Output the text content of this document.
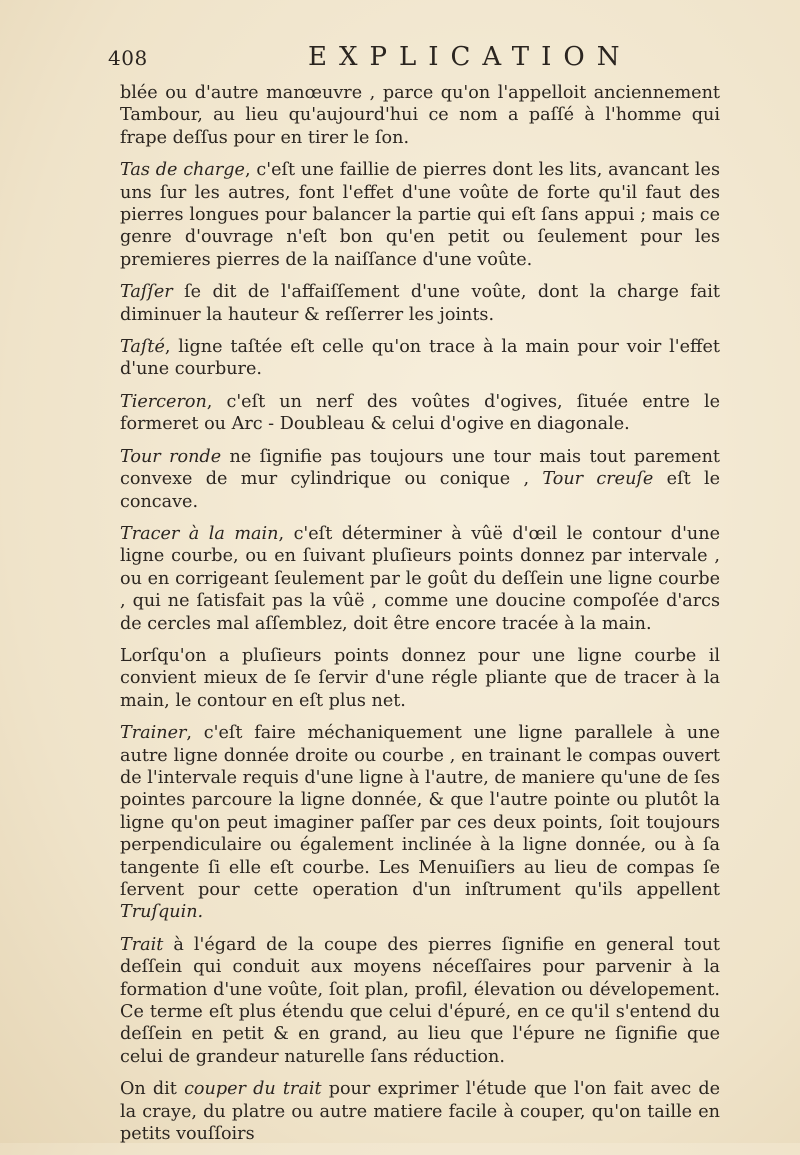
408	EXPLICATION

blée ou d'autre manœuvre , parce qu'on l'appelloit anciennement Tambour, au lieu qu'aujourd'hui ce nom a paſſé à l'homme qui frape deſſus pour en tirer le ſon.

Tas de charge, c'eſt une faillie de pierres dont les lits, avancant les uns ſur les autres, font l'effet d'une voûte de forte qu'il faut des pierres longues pour balancer la partie qui eſt ſans appui ; mais ce genre d'ouvrage n'eſt bon qu'en petit ou ſeulement pour les premieres pierres de la naiſſance d'une voûte.

Taſſer ſe dit de l'affaiſſement d'une voûte, dont la charge fait diminuer la hauteur & reſſerrer les joints.

Taſté, ligne taſtée eſt celle qu'on trace à la main pour voir l'effet d'une courbure.

Tierceron, c'eſt un nerf des voûtes d'ogives, ſituée entre le formeret ou Arc - Doubleau & celui d'ogive en diagonale.

Tour ronde ne ſignifie pas toujours une tour mais tout parement convexe de mur cylindrique ou conique , Tour creuſe eſt le concave.

Tracer à la main, c'eſt déterminer à vûë d'œil le contour d'une ligne courbe, ou en ſuivant pluſieurs points donnez par intervale , ou en corrigeant ſeulement par le goût du deſſein une ligne courbe , qui ne ſatisfait pas la vûë , comme une doucine compoſée d'arcs de cercles mal aſſemblez, doit être encore tracée à la main.

Lorſqu'on a pluſieurs points donnez pour une ligne courbe il convient mieux de ſe ſervir d'une régle pliante que de tracer à la main, le contour en eſt plus net.

Trainer, c'eſt faire méchaniquement une ligne parallele à une autre ligne donnée droite ou courbe , en trainant le compas ouvert de l'intervale requis d'une ligne à l'autre, de maniere qu'une de ſes pointes parcoure la ligne donnée, & que l'autre pointe ou plutôt la ligne qu'on peut imaginer paſſer par ces deux points, ſoit toujours perpendiculaire ou également inclinée à la ligne donnée, ou à ſa tangente ſi elle eſt courbe. Les Menuiſiers au lieu de compas ſe ſervent pour cette operation d'un inſtrument qu'ils appellent Truſquin.

Trait à l'égard de la coupe des pierres ſignifie en general tout deſſein qui conduit aux moyens néceſſaires pour parvenir à la formation d'une voûte, ſoit plan, profil, élevation ou dévelopement. Ce terme eſt plus étendu que celui d'épuré, en ce qu'il s'entend du deſſein en petit & en grand, au lieu que l'épure ne ſignifie que celui de grandeur naturelle ſans réduction.

On dit couper du trait pour exprimer l'étude que l'on fait avec de la craye, du platre ou autre matiere facile à couper, qu'on taille en petits vouſſoirs
